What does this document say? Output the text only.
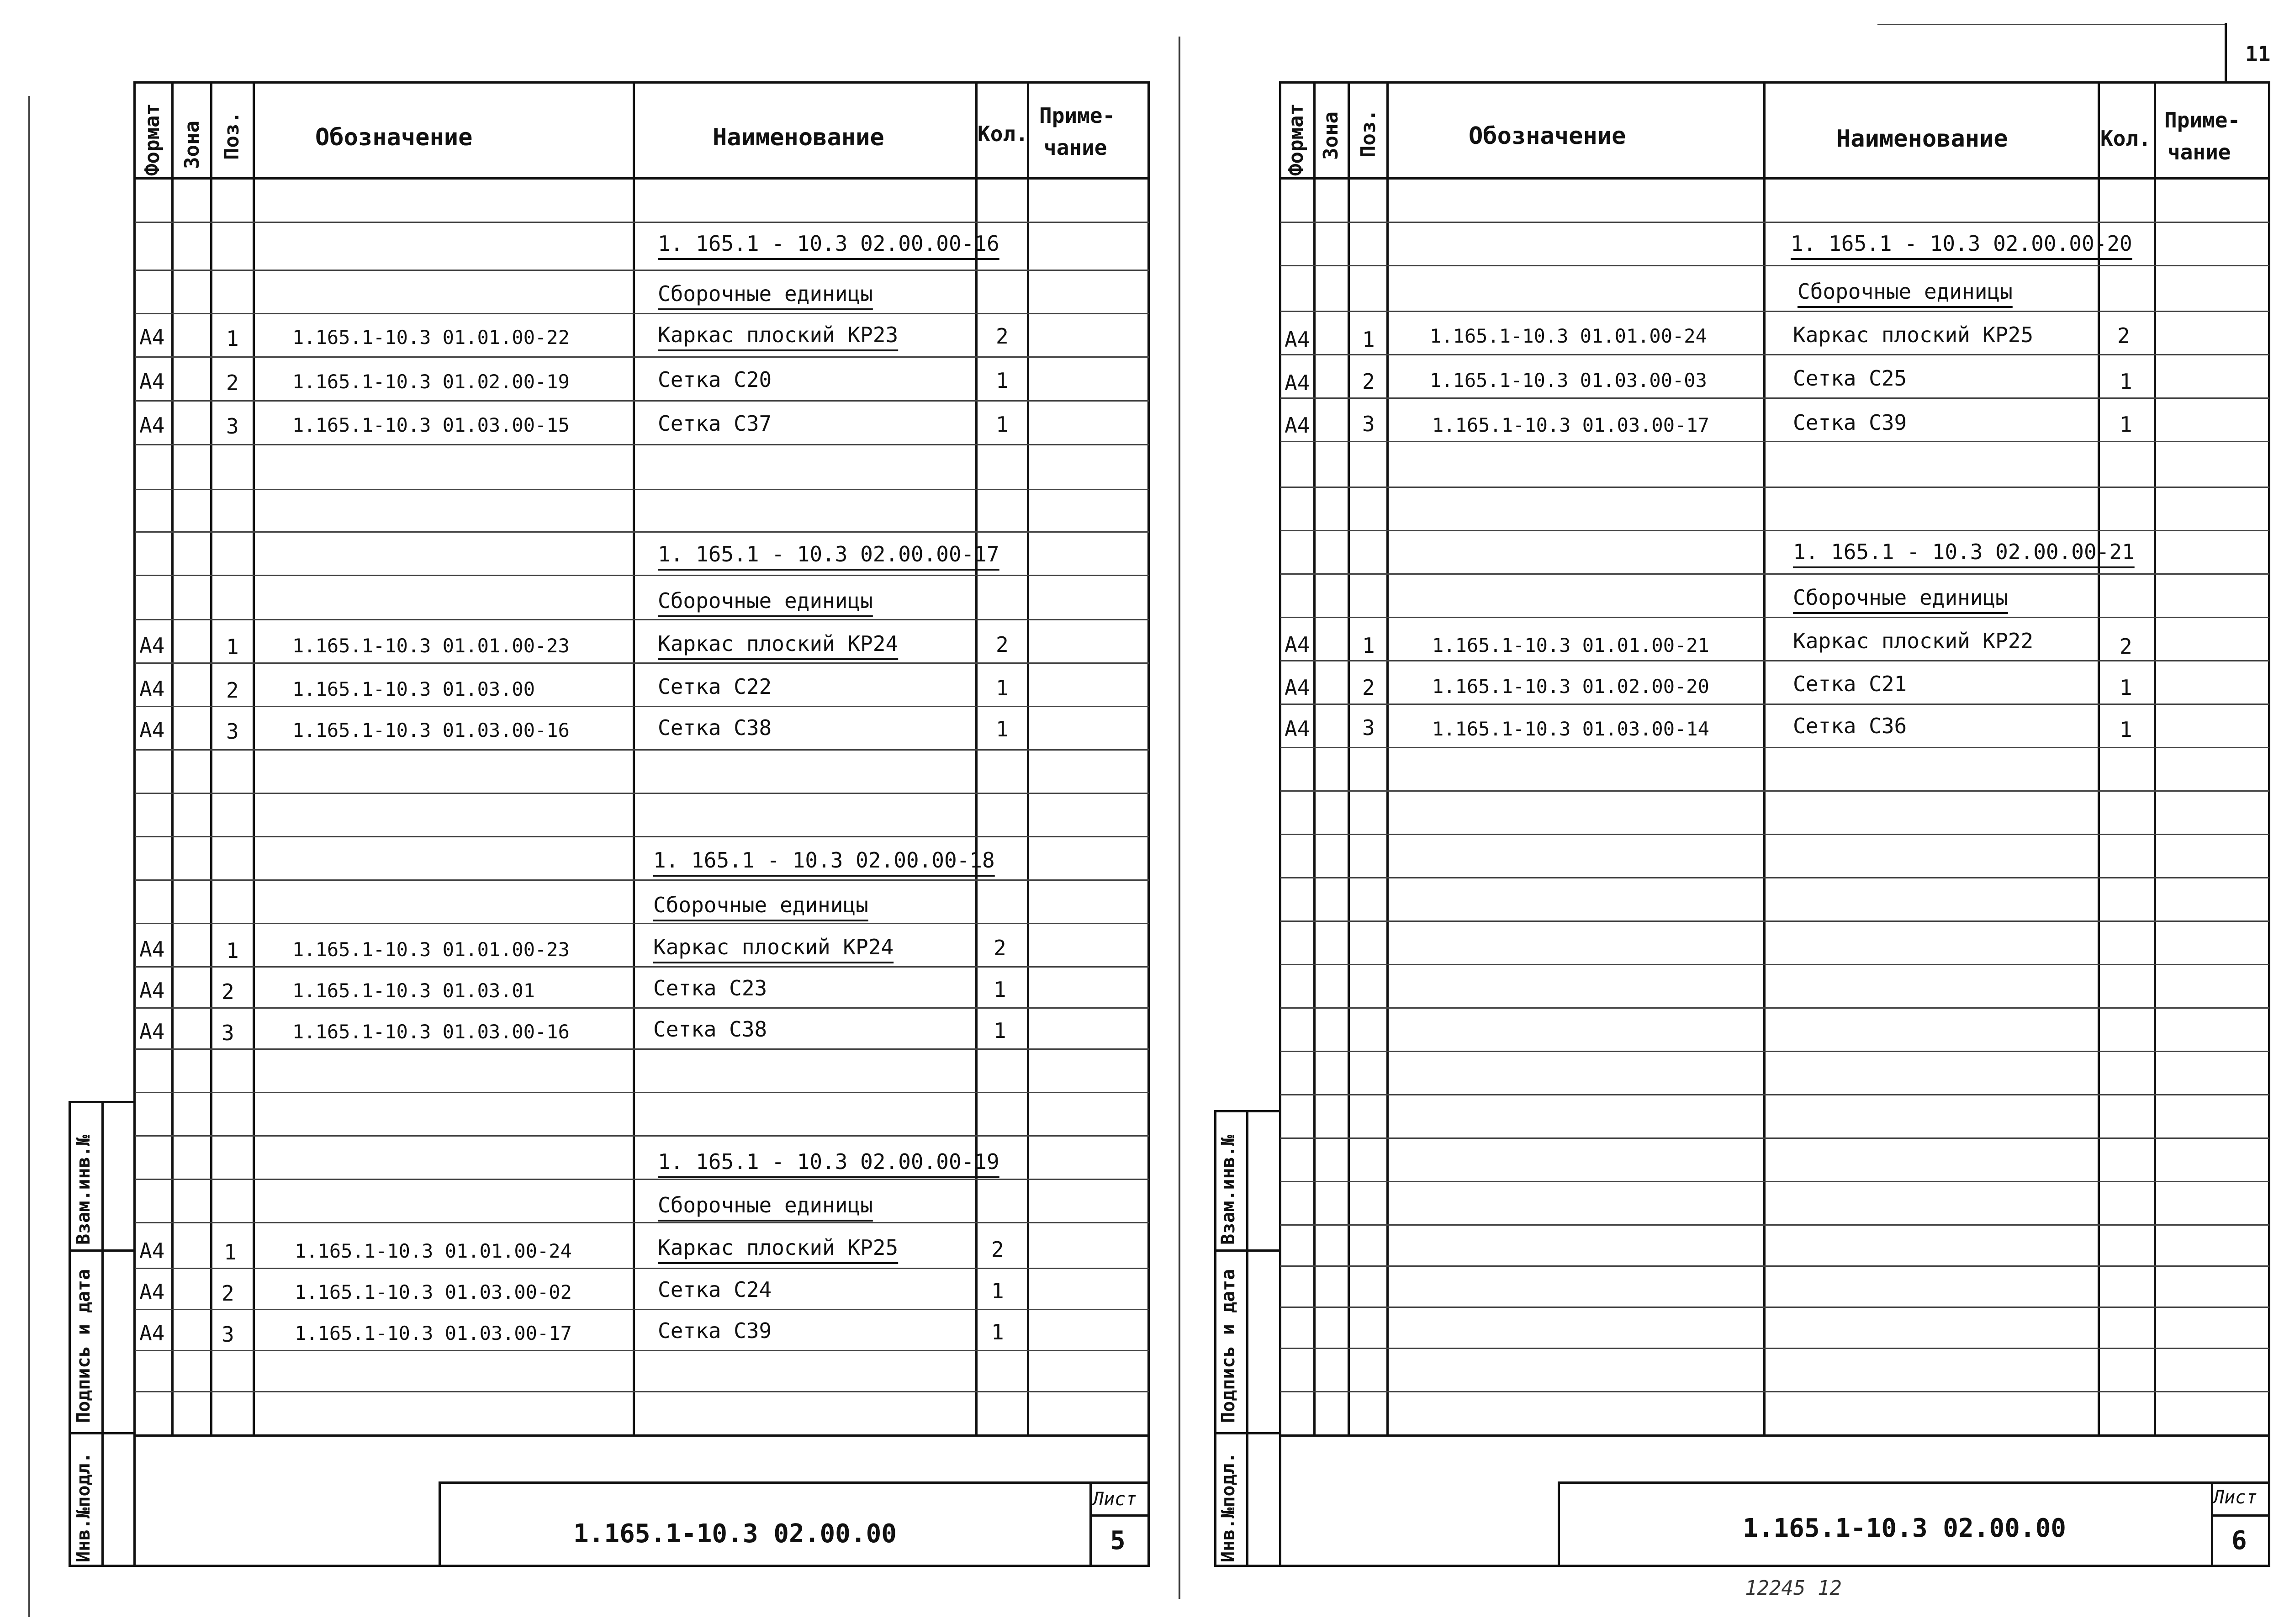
Формат Зона Поз.	Обозначение	Наименование	Кол.
Приме-
чание
1. 165.1 - 10.3 02.00.00-16
Сборочные единицы
А4	1	1.165.1-10.3 01.01.00-22	Каркас плоский КР23	2
А4	2	1.165.1-10.3 01.02.00-19	Сетка С20	1
А4	3	1.165.1-10.3 01.03.00-15	Сетка С37	1
1. 165.1 - 10.3 02.00.00-17
Сборочные единицы
А4	1	1.165.1-10.3 01.01.00-23	Каркас плоский КР24	2
А4	2	1.165.1-10.3 01.03.00	Сетка С22	1
А4	3	1.165.1-10.3 01.03.00-16	Сетка С38	1
1. 165.1 - 10.3 02.00.00-18
Сборочные единицы
А4	1	1.165.1-10.3 01.01.00-23	Каркас плоский КР24	2
А4	2	1.165.1-10.3 01.03.01	Сетка С23	1
А4	3	1.165.1-10.3 01.03.00-16	Сетка С38	1
1. 165.1 - 10.3 02.00.00-19
Сборочные единицы
А4	1	1.165.1-10.3 01.01.00-24	Каркас плоский КР25	2
А4	2	1.165.1-10.3 01.03.00-02	Сетка С24	1
А4	3	1.165.1-10.3 01.03.00-17	Сетка С39	1
Инв.№подл.
Подпись и дата
Взам.инв.№
1.165.1-10.3 02.00.00
Лист
5
11
Формат Зона Поз.	Обозначение	Наименование	Кол.
Приме-
чание
1. 165.1 - 10.3 02.00.00-20
Сборочные единицы
А4 1	1.165.1-10.3 01.01.00-24	Каркас плоский КР25	2
А4 2	1.165.1-10.3 01.03.00-03	Сетка С25	1
А4 3	1.165.1-10.3 01.03.00-17	Сетка С39	1
1. 165.1 - 10.3 02.00.00-21
Сборочные единицы
А4 1	1.165.1-10.3 01.01.00-21	Каркас плоский КР22	2
А4 2	1.165.1-10.3 01.02.00-20	Сетка С21	1
А4 3	1.165.1-10.3 01.03.00-14	Сетка С36	1
Инв.№подл.
Подпись и дата
Взам.инв.№
1.165.1-10.3 02.00.00
Лист
6
12245 12
